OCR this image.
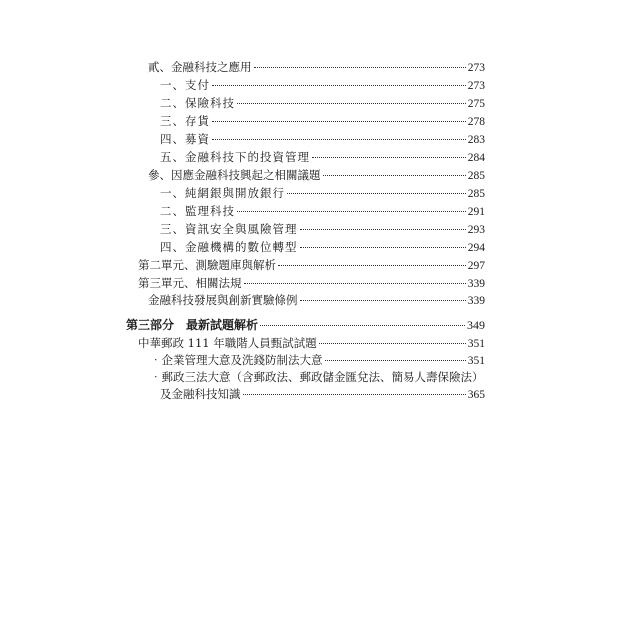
貳、金融科技之應用	273
一、支付	273
二、保險科技	275
三、存貨	278
四、募資	283
五、金融科技下的投資管理	284
參、因應金融科技興起之相關議題	285
一、純網銀與開放銀行	285
二、監理科技	291
三、資訊安全與風險管理	293
四、金融機構的數位轉型	294
第二單元、測驗題庫與解析	297
第三單元、相關法規	339
金融科技發展與創新實驗條例	339
第三部分　最新試題解析	349
中華郵政 111 年職階人員甄試試題	351
‧企業管理大意及洗錢防制法大意	351
‧郵政三法大意（含郵政法、郵政儲金匯兌法、簡易人壽保險法）
及金融科技知識	365
